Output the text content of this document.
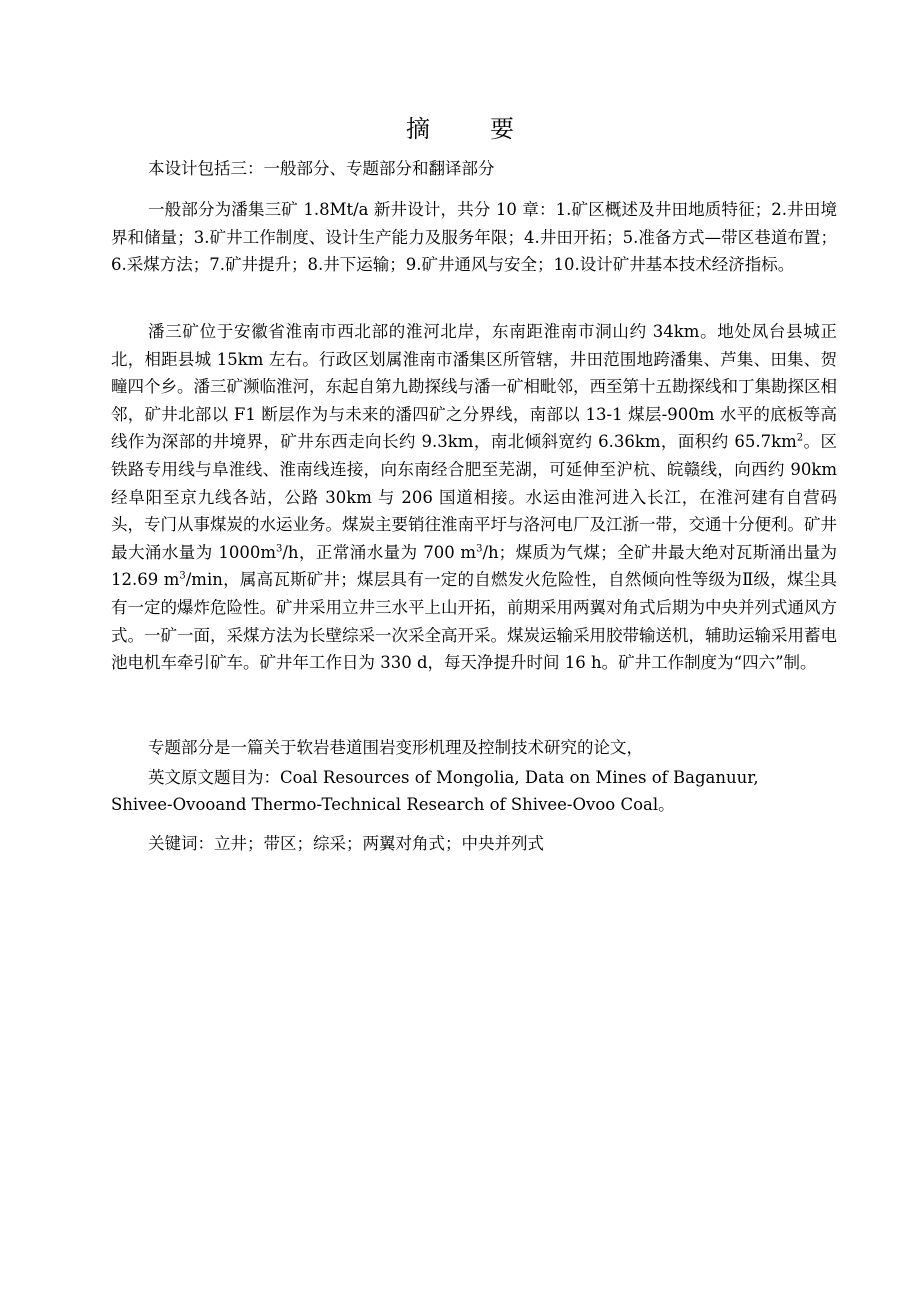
摘　要

本设计包括三：一般部分、专题部分和翻译部分

一般部分为潘集三矿 1.8Mt/a 新井设计，共分 10 章：1.矿区概述及井田地质特征；2.井田境界和储量；3.矿井工作制度、设计生产能力及服务年限；4.井田开拓；5.准备方式—带区巷道布置；6.采煤方法；7.矿井提升；8.井下运输；9.矿井通风与安全；10.设计矿井基本技术经济指标。

潘三矿位于安徽省淮南市西北部的淮河北岸，东南距淮南市洞山约 34km。地处凤台县城正北，相距县城 15km 左右。行政区划属淮南市潘集区所管辖，井田范围地跨潘集、芦集、田集、贺疃四个乡。潘三矿濒临淮河，东起自第九勘探线与潘一矿相毗邻，西至第十五勘探线和丁集勘探区相邻，矿井北部以 F1 断层作为与未来的潘四矿之分界线，南部以 13-1 煤层-900m 水平的底板等高线作为深部的井境界，矿井东西走向长约 9.3km，南北倾斜宽约 6.36km，面积约 $65.7km^2$。区铁路专用线与阜淮线、淮南线连接，向东南经合肥至芜湖，可延伸至沪杭、皖赣线，向西约 90km 经阜阳至京九线各站，公路 30km 与 206 国道相接。水运由淮河进入长江，在淮河建有自营码头，专门从事煤炭的水运业务。煤炭主要销往淮南平圩与洛河电厂及江浙一带，交通十分便利。矿井最大涌水量为 $1000m^3/h$，正常涌水量为 700 $m^3/h$；煤质为气煤；全矿井最大绝对瓦斯涌出量为 12.69 $m^3/\min$，属高瓦斯矿井；煤层具有一定的自燃发火危险性，自然倾向性等级为Ⅱ级，煤尘具有一定的爆炸危险性。矿井采用立井三水平上山开拓，前期采用两翼对角式后期为中央并列式通风方式。一矿一面，采煤方法为长壁综采一次采全高开采。煤炭运输采用胶带输送机，辅助运输采用蓄电池电机车牵引矿车。矿井年工作日为 330 d，每天净提升时间 16 h。矿井工作制度为“四六”制。

专题部分是一篇关于软岩巷道围岩变形机理及控制技术研究的论文，

英文原文题目为：Coal Resources of Mongolia, Data on Mines of Baganuur,

Shivee-Ovooand Thermo-Technical Research of Shivee-Ovoo Coal。

关键词：立井；带区；综采；两翼对角式；中央并列式
